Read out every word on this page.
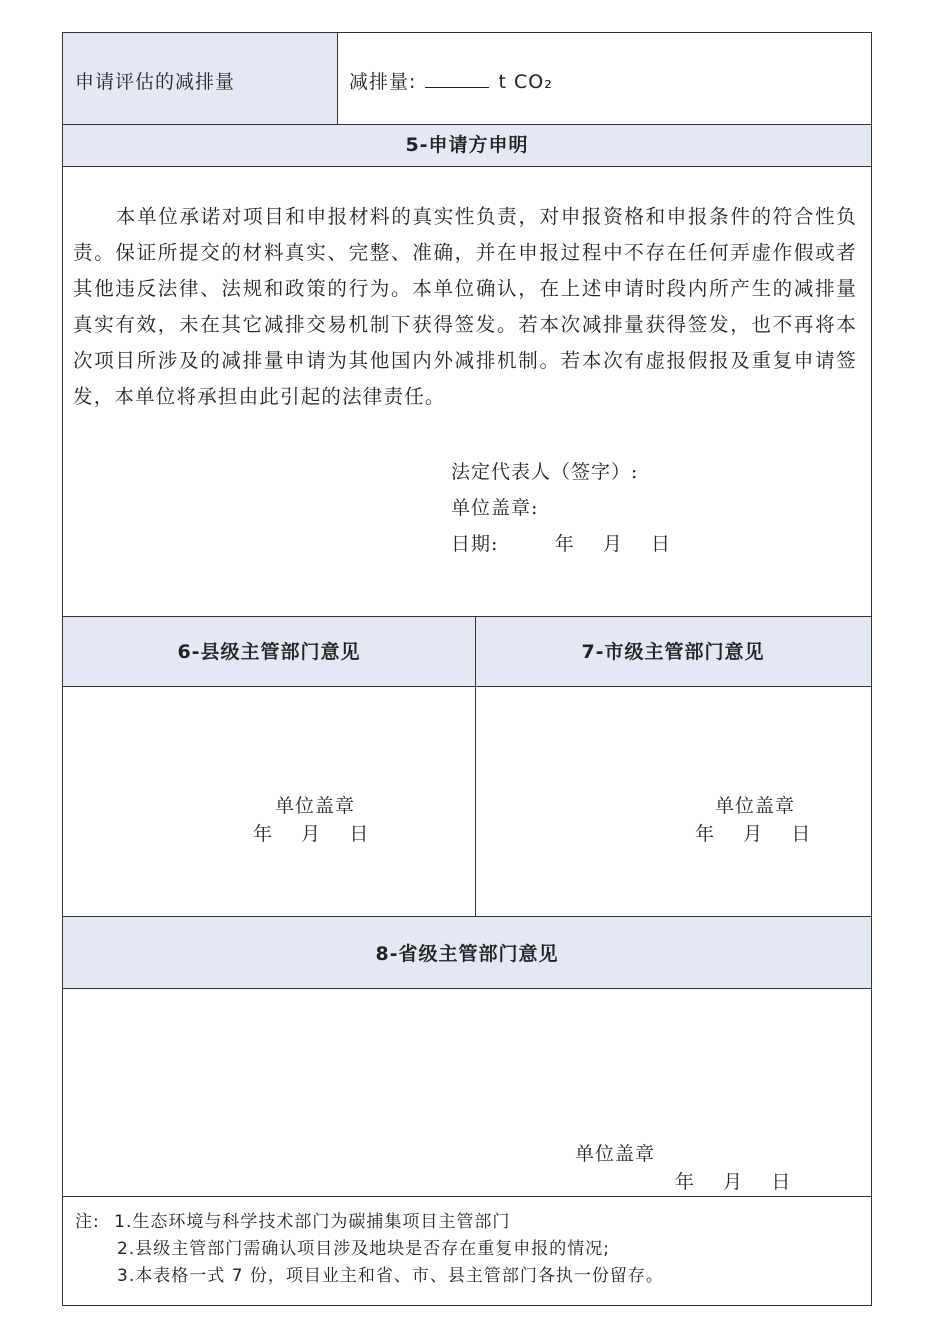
申请评估的减排量	减排量:	t CO₂
5-申请方申明
本单位承诺对项目和申报材料的真实性负责，对申报资格和申报条件的符合性负责。保证所提交的材料真实、完整、准确，并在申报过程中不存在任何弄虚作假或者其他违反法律、法规和政策的行为。本单位确认，在上述申请时段内所产生的减排量真实有效，未在其它减排交易机制下获得签发。若本次减排量获得签发，也不再将本次项目所涉及的减排量申请为其他国内外减排机制。若本次有虚报假报及重复申请签发，本单位将承担由此引起的法律责任。
法定代表人（签字）:
单位盖章:
日期:        年    月    日
6-县级主管部门意见	7-市级主管部门意见
单位盖章
年    月    日
单位盖章
年    月    日
8-省级主管部门意见
单位盖章
年    月    日
注: 1.生态环境与科学技术部门为碳捕集项目主管部门
2.县级主管部门需确认项目涉及地块是否存在重复申报的情况;
3.本表格一式 7 份，项目业主和省、市、县主管部门各执一份留存。
